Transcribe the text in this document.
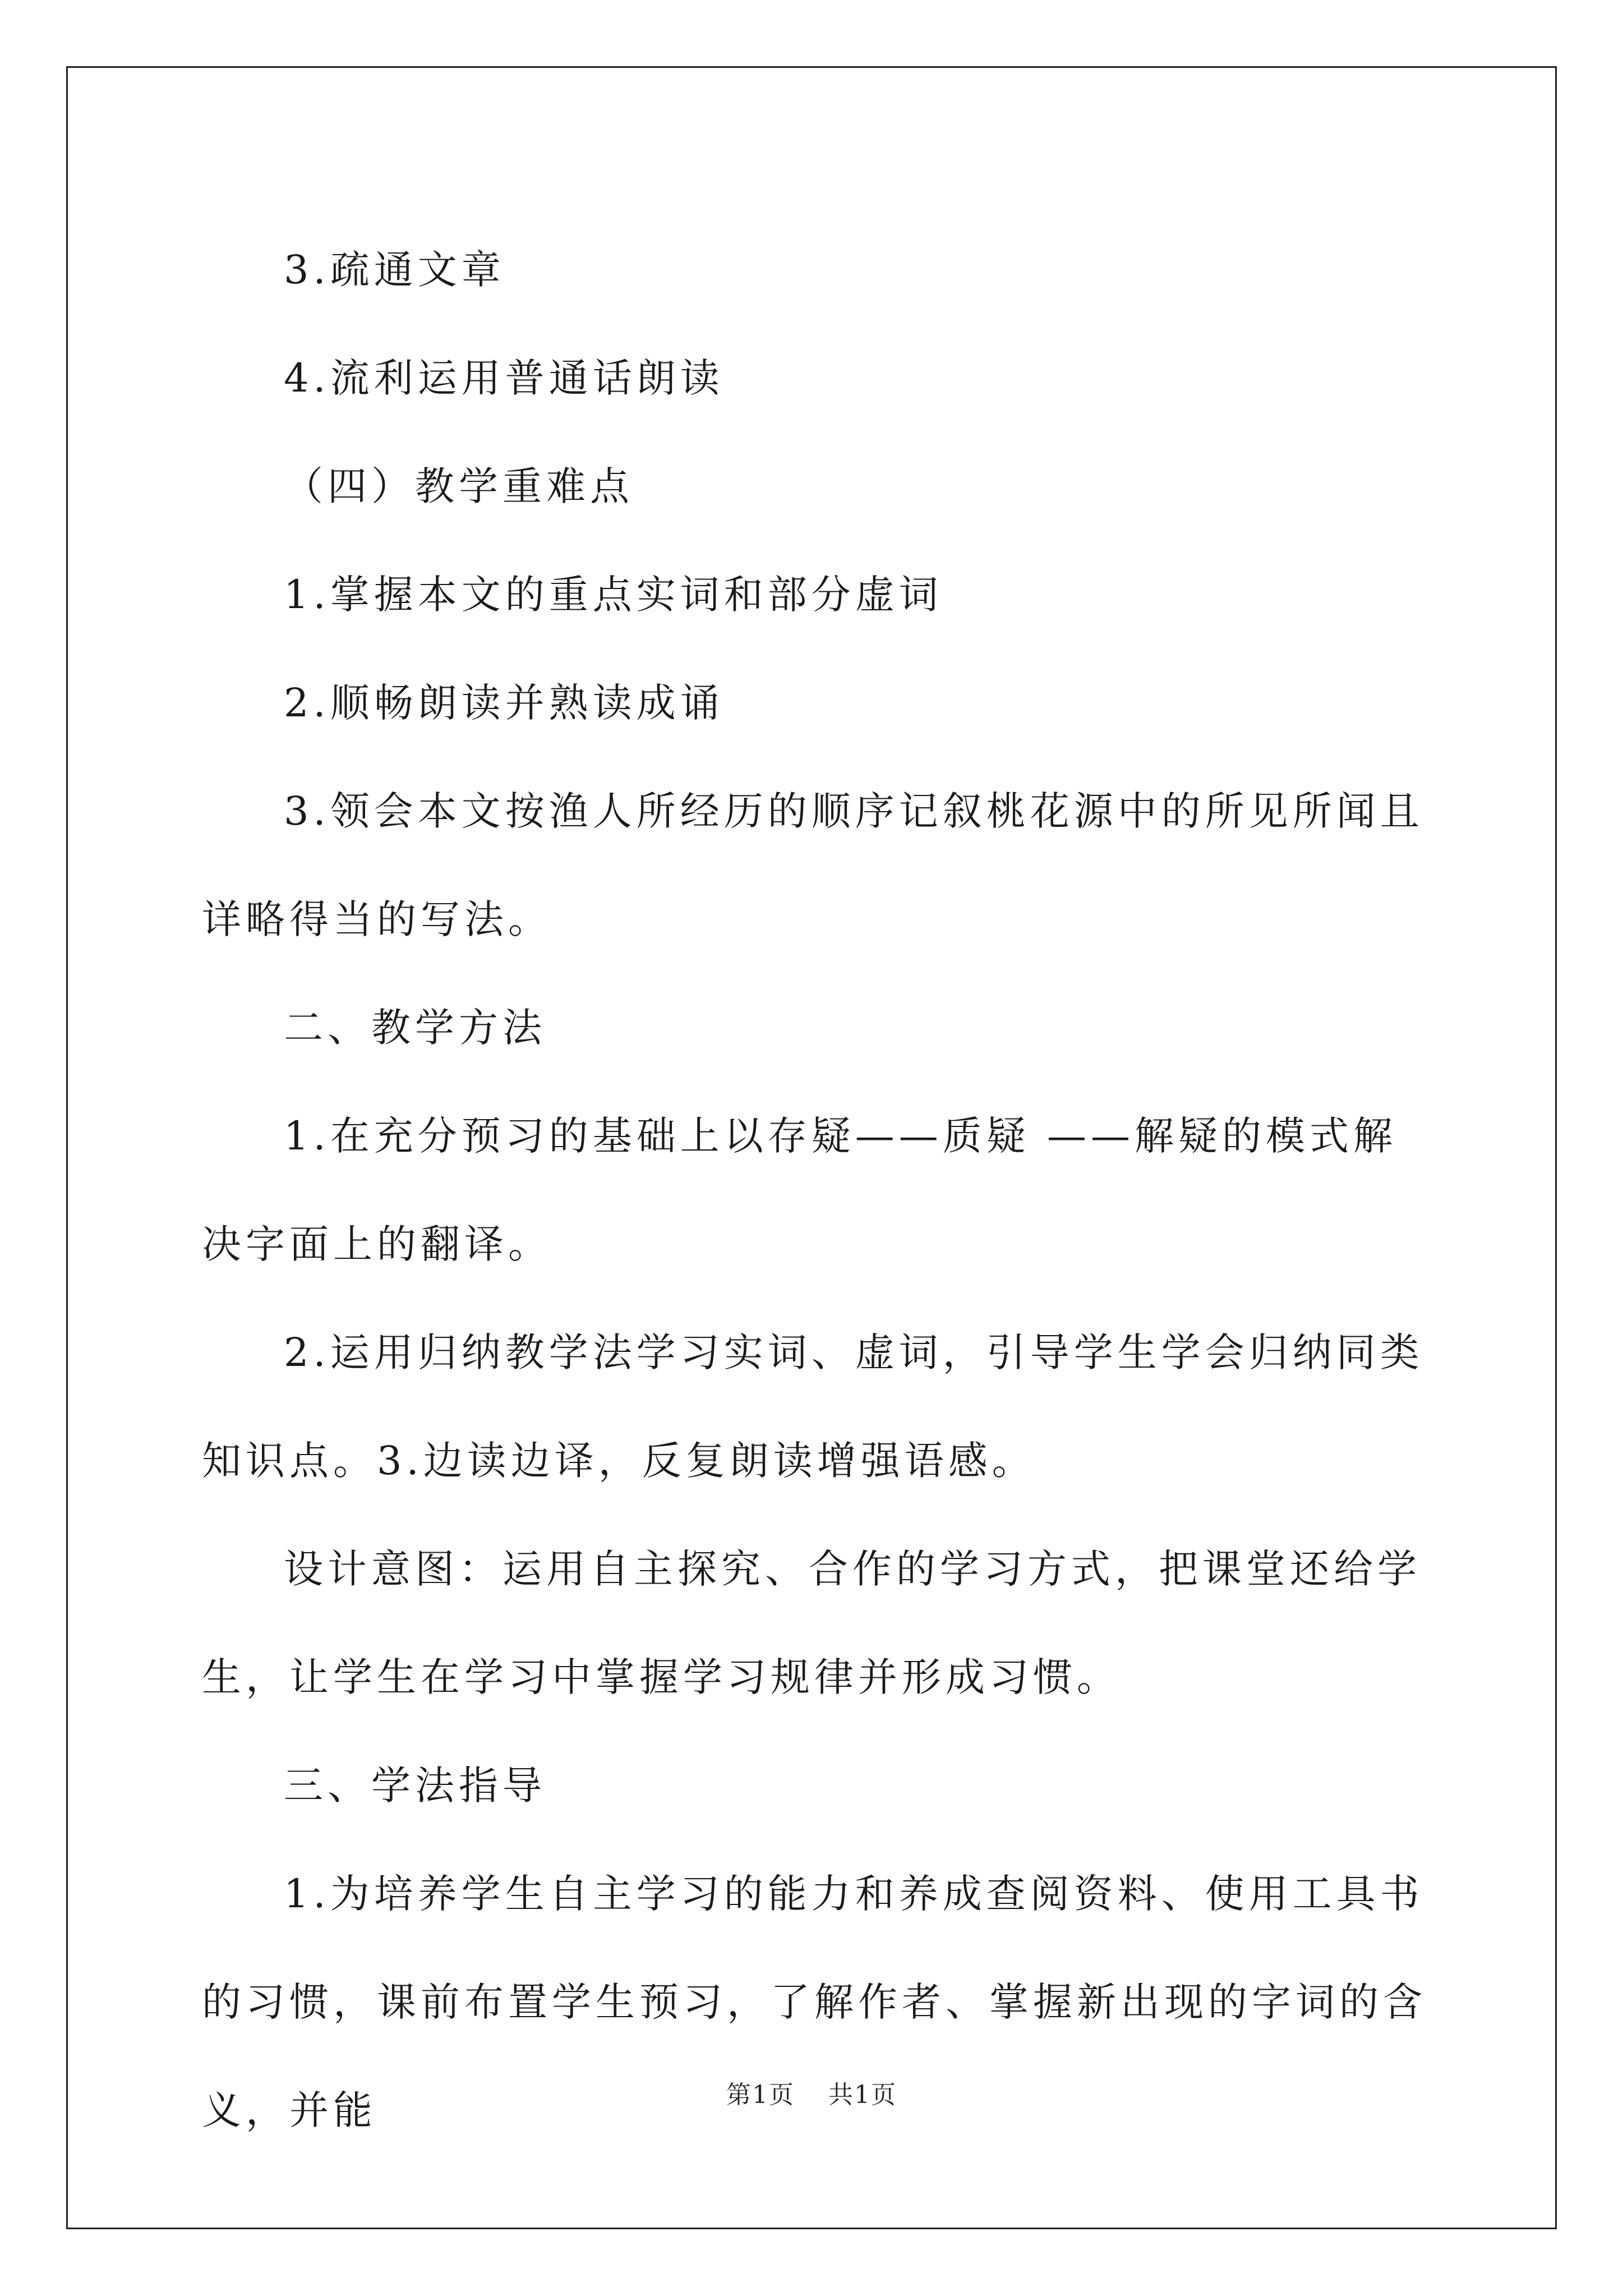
3.疏通文章

4.流利运用普通话朗读

（四）教学重难点

1.掌握本文的重点实词和部分虚词

2.顺畅朗读并熟读成诵

3.领会本文按渔人所经历的顺序记叙桃花源中的所见所闻且详略得当的写法。

二、教学方法

1.在充分预习的基础上以存疑——质疑 ——解疑的模式解决字面上的翻译。

2.运用归纳教学法学习实词、虚词，引导学生学会归纳同类知识点。3.边读边译，反复朗读增强语感。

设计意图：运用自主探究、合作的学习方式，把课堂还给学生，让学生在学习中掌握学习规律并形成习惯。

三、学法指导

1.为培养学生自主学习的能力和养成查阅资料、使用工具书的习惯，课前布置学生预习，了解作者、掌握新出现的字词的含义，并能	第1页 共1页
